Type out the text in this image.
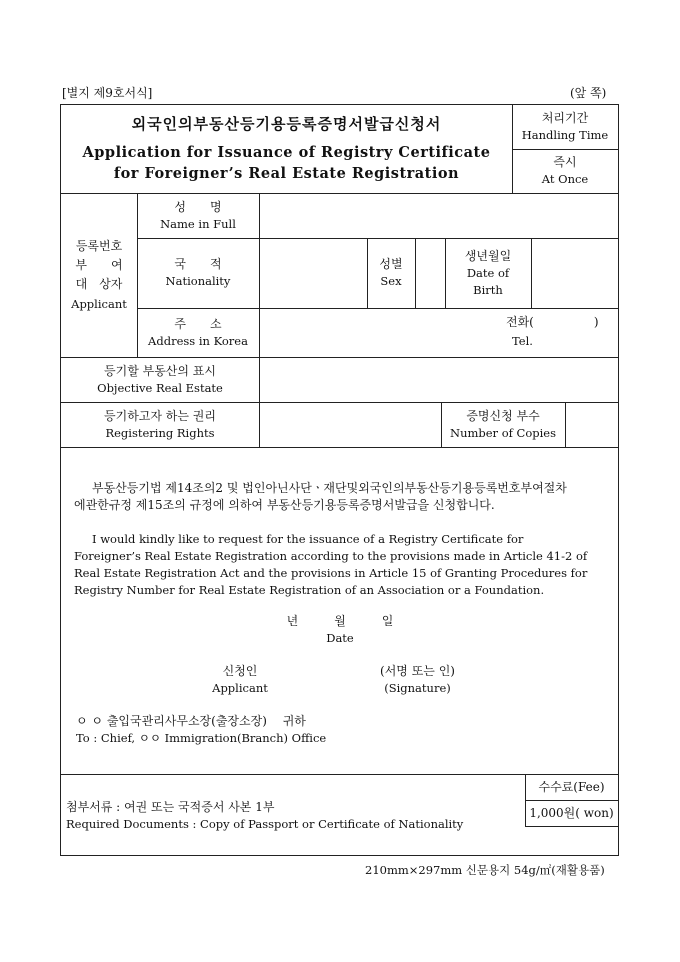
[별지 제9호서식]	(앞 쪽)
외국인의부동산등기용등록증명서발급신청서
Application for Issuance of Registry Certificate
for Foreigner’s Real Estate Registration
처리기간
Handling Time
즉시
At Once
등록번호
부　　여
대　상자
Applicant
성　　명
Name in Full
국　　적
Nationality
성별
Sex
생년월일
Date of
Birth
주　　소
Address in Korea
전화(　　　　　)
Tel.
등기할 부동산의 표시
Objective Real Estate
등기하고자 하는 권리
Registering Rights
증명신청 부수
Number of Copies
수수료(Fee)
1,000원( won)
부동산등기법 제14조의2 및 법인아닌사단ㆍ재단및외국인의부동산등기용등록번호부여절차
에관한규정 제15조의 규정에 의하여 부동산등기용등록증명서발급을 신청합니다.
I would kindly like to request for the issuance of a Registry Certificate for
Foreigner’s Real Estate Registration according to the provisions made in Article 41-2 of
Real Estate Registration Act and the provisions in Article 15 of Granting Procedures for
Registry Number for Real Estate Registration of an Association or a Foundation.
년　　　월　　　일
Date
신청인
Applicant
(서명 또는 인)
(Signature)
ㅇ ㅇ 출입국관리사무소장(출장소장)　 귀하
To : Chief, ㅇㅇ Immigration(Branch) Office
첨부서류 : 여권 또는 국적증서 사본 1부
Required Documents : Copy of Passport or Certificate of Nationality
210mm×297mm 신문용지 54g/㎡(재활용품)
